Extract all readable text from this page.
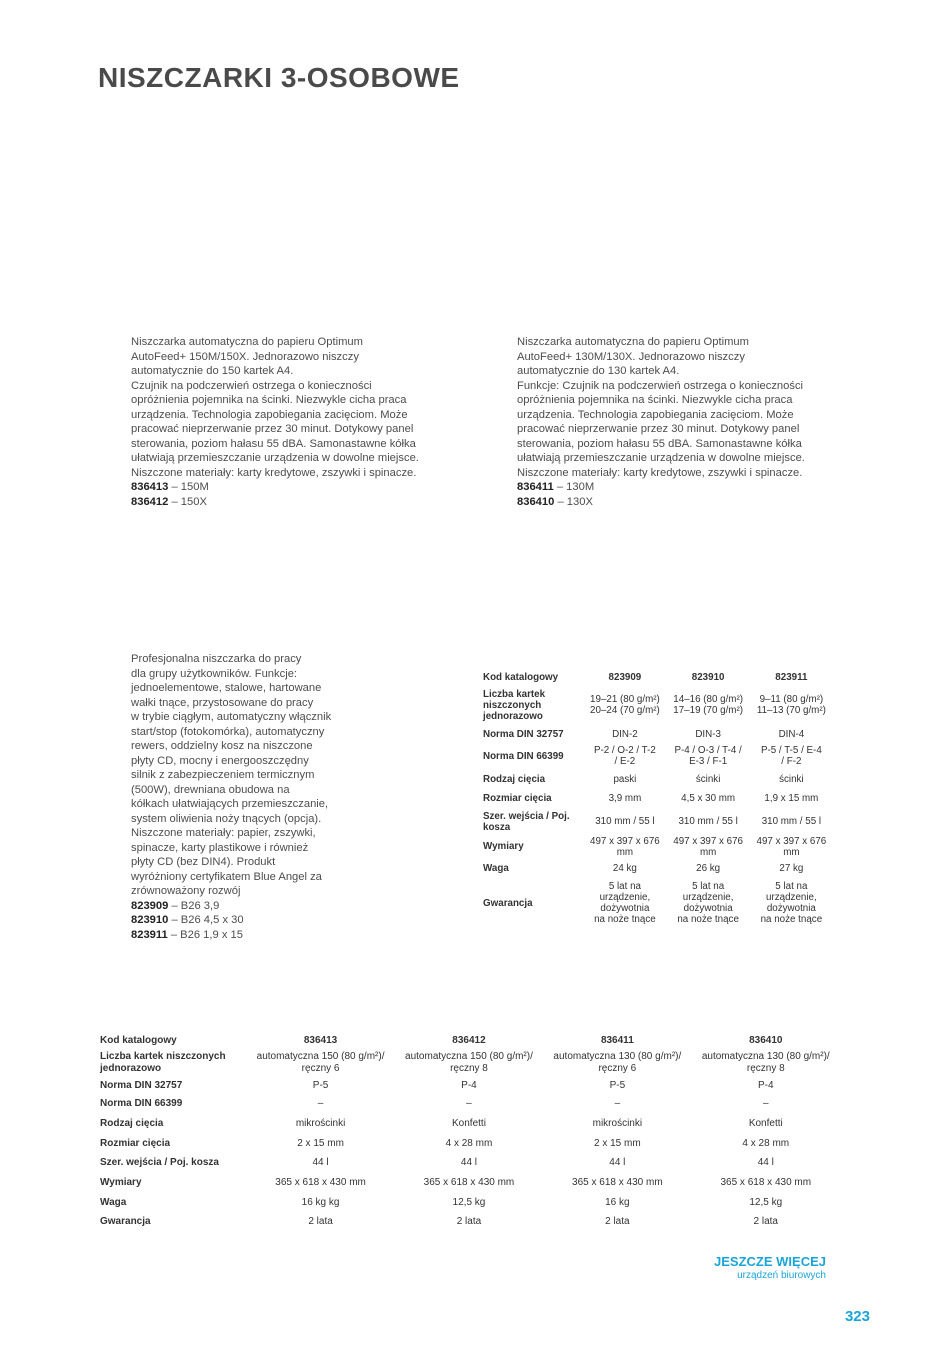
NISZCZARKI 3-OSOBOWE

Niszczarka automatyczna do papieru Optimum
AutoFeed+ 150M/150X. Jednorazowo niszczy
automatycznie do 150 kartek A4.
Czujnik na podczerwień ostrzega o konieczności
opróżnienia pojemnika na ścinki. Niezwykle cicha praca
urządzenia. Technologia zapobiegania zacięciom. Może
pracować nieprzerwanie przez 30 minut. Dotykowy panel
sterowania, poziom hałasu 55 dBA. Samonastawne kółka
ułatwiają przemieszczanie urządzenia w dowolne miejsce.
Niszczone materiały: karty kredytowe, zszywki i spinacze.

836413 – 150M

836412 – 150X

Niszczarka automatyczna do papieru Optimum
AutoFeed+ 130M/130X. Jednorazowo niszczy
automatycznie do 130 kartek A4.
Funkcje: Czujnik na podczerwień ostrzega o konieczności
opróżnienia pojemnika na ścinki. Niezwykle cicha praca
urządzenia. Technologia zapobiegania zacięciom. Może
pracować nieprzerwanie przez 30 minut. Dotykowy panel
sterowania, poziom hałasu 55 dBA. Samonastawne kółka
ułatwiają przemieszczanie urządzenia w dowolne miejsce.
Niszczone materiały: karty kredytowe, zszywki i spinacze.

836411 – 130M

836410 – 130X

Profesjonalna niszczarka do pracy
dla grupy użytkowników. Funkcje:
jednoelementowe, stalowe, hartowane
wałki tnące, przystosowane do pracy
w trybie ciągłym, automatyczny włącznik
start/stop (fotokomórka), automatyczny
rewers, oddzielny kosz na niszczone
płyty CD, mocny i energooszczędny
silnik z zabezpieczeniem termicznym
(500W), drewniana obudowa na
kółkach ułatwiających przemieszczanie,
system oliwienia noży tnących (opcja).
Niszczone materiały: papier, zszywki,
spinacze, karty plastikowe i również
płyty CD (bez DIN4). Produkt
wyróżniony certyfikatem Blue Angel za
zrównoważony rozwój

823909 – B26 3,9

823910 – B26 4,5 x 30

823911 – B26 1,9 x 15

Kod katalogowy	823909	823910	823911
Liczba kartek niszczonych jednorazowo	19–21 (80 g/m²)
20–24 (70 g/m²)	14–16 (80 g/m²)
17–19 (70 g/m²)	9–11 (80 g/m²)
11–13 (70 g/m²)
Norma DIN 32757	DIN-2	DIN-3	DIN-4
Norma DIN 66399	P-2 / O-2 / T-2
/ E-2	P-4 / O-3 / T-4 /
E-3 / F-1	P-5 / T-5 / E-4
/ F-2
Rodzaj cięcia	paski	ścinki	ścinki
Rozmiar cięcia	3,9 mm	4,5 x 30 mm	1,9 x 15 mm
Szer. wejścia / Poj. kosza	310 mm / 55 l	310 mm / 55 l	310 mm / 55 l
Wymiary	497 x 397 x 676
mm	497 x 397 x 676
mm	497 x 397 x 676
mm
Waga	24 kg	26 kg	27 kg
Gwarancja	5 lat na
urządzenie,
dożywotnia
na noże tnące	5 lat na
urządzenie,
dożywotnia
na noże tnące	5 lat na
urządzenie,
dożywotnia
na noże tnące
Kod katalogowy	836413	836412	836411	836410
Liczba kartek niszczonych
jednorazowo	automatyczna 150 (80 g/m²)/
ręczny 6	automatyczna 150 (80 g/m²)/
ręczny 8	automatyczna 130 (80 g/m²)/
ręczny 6	automatyczna 130 (80 g/m²)/
ręczny 8
Norma DIN 32757	P-5	P-4	P-5	P-4
Norma DIN 66399	–	–	–	–
Rodzaj cięcia	mikrościnki	Konfetti	mikrościnki	Konfetti
Rozmiar cięcia	2 x 15 mm	4 x 28 mm	2 x 15 mm	4 x 28 mm
Szer. wejścia / Poj. kosza	44 l	44 l	44 l	44 l
Wymiary	365 x 618 x 430 mm	365 x 618 x 430 mm	365 x 618 x 430 mm	365 x 618 x 430 mm
Waga	16 kg kg	12,5 kg	16 kg	12,5 kg
Gwarancja	2 lata	2 lata	2 lata	2 lata
JESZCZE WIĘCEJ
urządzeń biurowych
323
